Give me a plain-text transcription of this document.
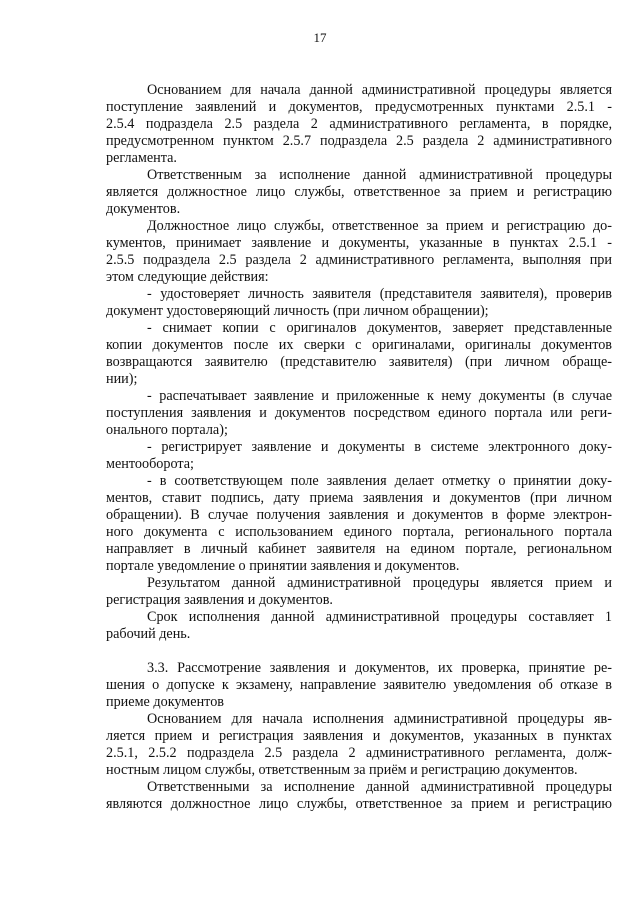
17
Основанием для начала данной административной процедуры является
поступление заявлений и документов, предусмотренных пунктами 2.5.1 -
2.5.4 подраздела 2.5 раздела 2 административного регламента, в порядке,
предусмотренном пунктом 2.5.7 подраздела 2.5 раздела 2 административного
регламента.
Ответственным за исполнение данной административной процедуры
является должностное лицо службы, ответственное за прием и регистрацию
документов.
Должностное лицо службы, ответственное за прием и регистрацию до-
кументов, принимает заявление и документы, указанные в пунктах 2.5.1 -
2.5.5 подраздела 2.5 раздела 2 административного регламента, выполняя при
этом следующие действия:
- удостоверяет личность заявителя (представителя заявителя), проверив
документ удостоверяющий личность (при личном обращении);
- снимает копии с оригиналов документов, заверяет представленные
копии документов после их сверки с оригиналами, оригиналы документов
возвращаются заявителю (представителю заявителя) (при личном обраще-
нии);
- распечатывает заявление и приложенные к нему документы (в случае
поступления заявления и документов посредством единого портала или реги-
онального портала);
- регистрирует заявление и документы в системе электронного доку-
ментооборота;
- в соответствующем поле заявления делает отметку о принятии доку-
ментов, ставит подпись, дату приема заявления и документов (при личном
обращении). В случае получения заявления и документов в форме электрон-
ного документа с использованием единого портала, регионального портала
направляет в личный кабинет заявителя на едином портале, региональном
портале уведомление о принятии заявления и документов.
Результатом данной административной процедуры является прием и
регистрация заявления и документов.
Срок исполнения данной административной процедуры составляет 1
рабочий день.
3.3. Рассмотрение заявления и документов, их проверка, принятие ре-
шения о допуске к экзамену, направление заявителю уведомления об отказе в
приеме документов
Основанием для начала исполнения административной процедуры яв-
ляется прием и регистрация заявления и документов, указанных в пунктах
2.5.1, 2.5.2 подраздела 2.5 раздела 2 административного регламента, долж-
ностным лицом службы, ответственным за приём и регистрацию документов.
Ответственными за исполнение данной административной процедуры
являются должностное лицо службы, ответственное за прием и регистрацию
